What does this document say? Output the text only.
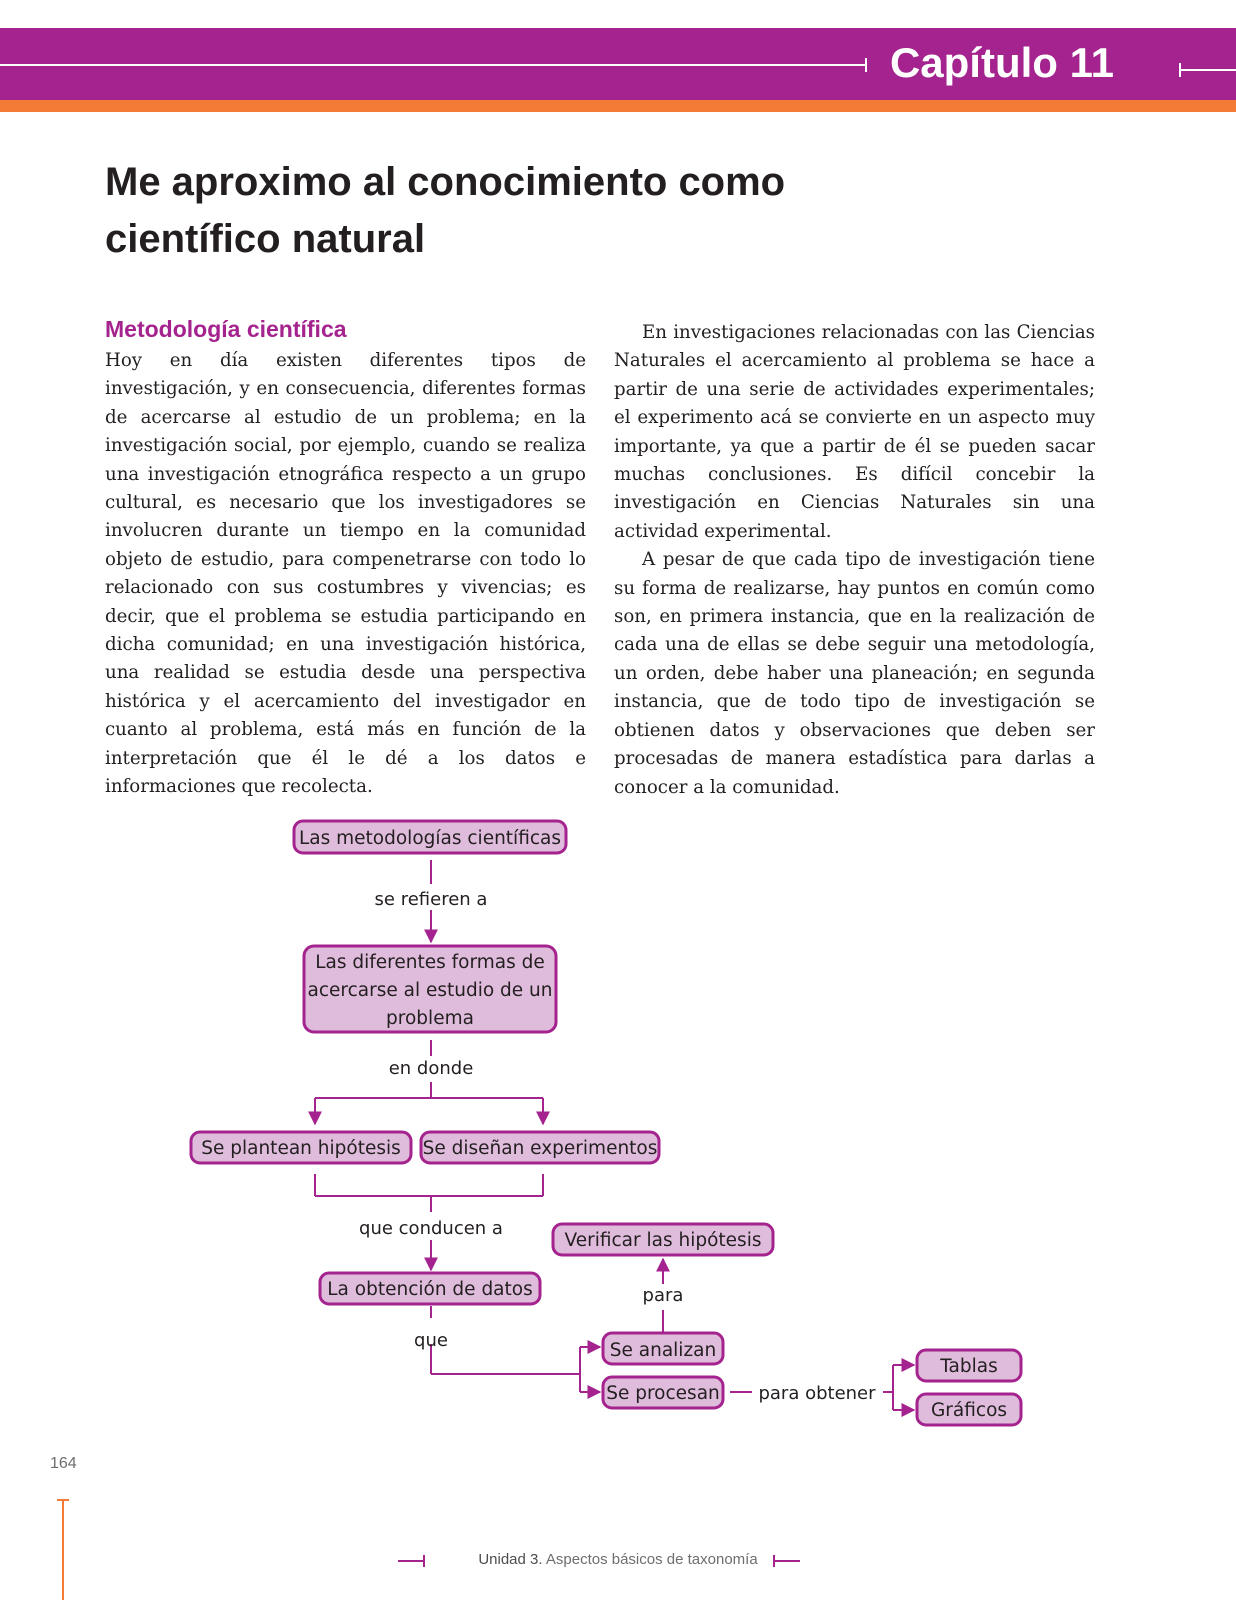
Capítulo 11
Me aproximo al conocimiento como científico natural
Metodología científica

Hoy en día existen diferentes tipos de investigación, y en consecuencia, diferentes formas de acercarse al estudio de un problema; en la investigación social, por ejemplo, cuando se realiza una investigación etnográfica respecto a un grupo cultural, es necesario que los investigadores se involucren durante un tiempo en la comunidad objeto de estudio, para compenetrarse con todo lo relacionado con sus costumbres y vivencias; es decir, que el problema se estudia participando en dicha comunidad; en una investigación histórica, una realidad se estudia desde una perspectiva histórica y el acercamiento del investigador en cuanto al problema, está más en función de la interpretación que él le dé a los datos e informaciones que recolecta.

En investigaciones relacionadas con las Ciencias Naturales el acercamiento al problema se hace a partir de una serie de actividades experimentales; el experimento acá se convierte en un aspecto muy importante, ya que a partir de él se pueden sacar muchas conclusiones. Es difícil concebir la investigación en Ciencias Naturales sin una actividad experimental.

A pesar de que cada tipo de investigación tiene su forma de realizarse, hay puntos en común como son, en primera instancia, que en la realización de cada una de ellas se debe seguir una metodología, un orden, debe haber una planeación; en segunda instancia, que de todo tipo de investigación se obtienen datos y observaciones que deben ser procesadas de manera estadística para darlas a conocer a la comunidad.

Las metodologías científicas
Las diferentes formas de
acercarse al estudio de un
problema
Se plantean hipótesis Se diseñan experimentos
Verificar las hipótesis
La obtención de datos
Se analizan
Se procesan
Tablas
Gráficos
se refieren a
en donde
que conducen a
que
para
para obtener
164
Unidad 3. Aspectos básicos de taxonomía
